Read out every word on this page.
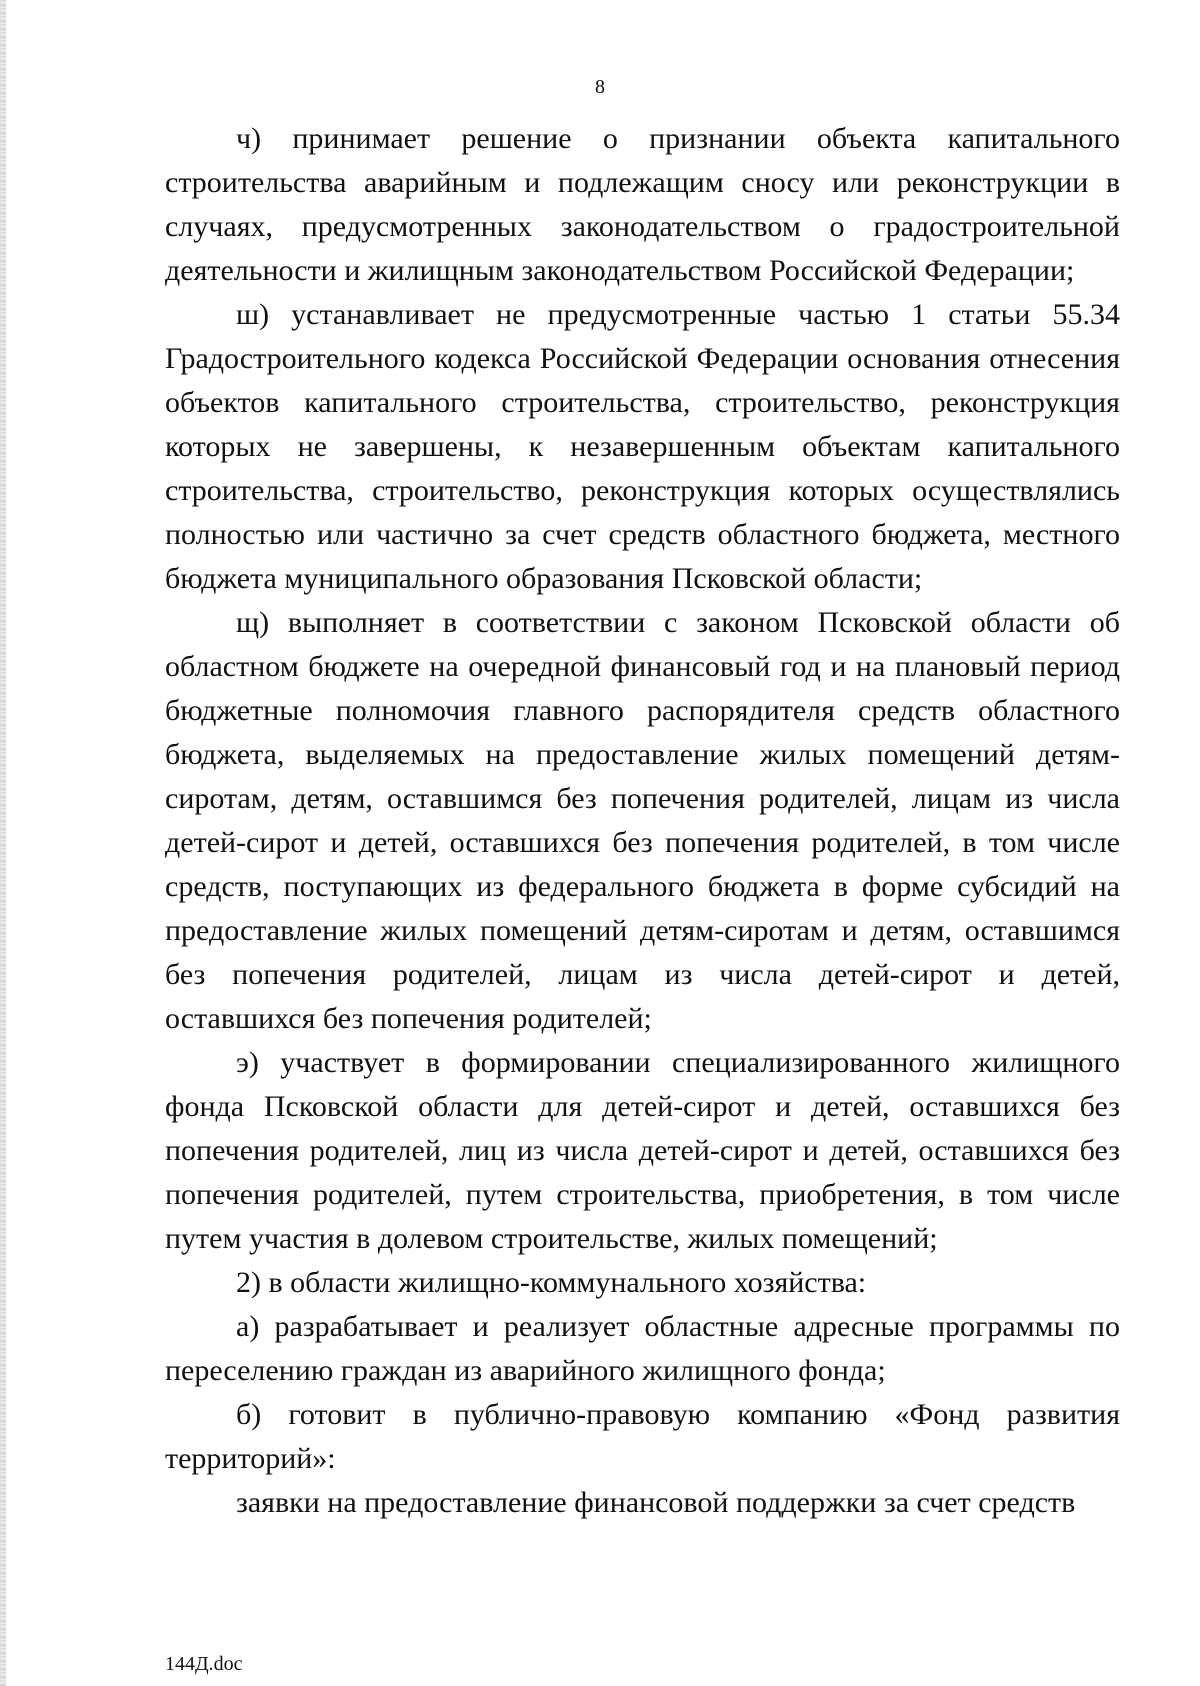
8

ч) принимает решение о признании объекта капитального строительства аварийным и подлежащим сносу или реконструкции в случаях, предусмотренных законодательством о градостроительной деятельности и жилищным законодательством Российской Федерации;

ш) устанавливает не предусмотренные частью 1 статьи 55.34 Градостроительного кодекса Российской Федерации основания отнесения объектов капитального строительства, строительство, реконструкция которых не завершены, к незавершенным объектам капитального строительства, строительство, реконструкция которых осуществлялись полностью или частично за счет средств областного бюджета, местного бюджета муниципального образования Псковской области;

щ) выполняет в соответствии с законом Псковской области об областном бюджете на очередной финансовый год и на плановый период бюджетные полномочия главного распорядителя средств областного бюджета, выделяемых на предоставление жилых помещений детям-сиротам, детям, оставшимся без попечения родителей, лицам из числа детей-сирот и детей, оставшихся без попечения родителей, в том числе средств, поступающих из федерального бюджета в форме субсидий на предоставление жилых помещений детям-сиротам и детям, оставшимся без попечения родителей, лицам из числа детей-сирот и детей, оставшихся без попечения родителей;

э) участвует в формировании специализированного жилищного фонда Псковской области для детей-сирот и детей, оставшихся без попечения родителей, лиц из числа детей-сирот и детей, оставшихся без попечения родителей, путем строительства, приобретения, в том числе путем участия в долевом строительстве, жилых помещений;

2) в области жилищно-коммунального хозяйства:

а) разрабатывает и реализует областные адресные программы по переселению граждан из аварийного жилищного фонда;

б) готовит в публично-правовую компанию «Фонд развития территорий»:

заявки на предоставление финансовой поддержки за счет средств

144Д.doc
